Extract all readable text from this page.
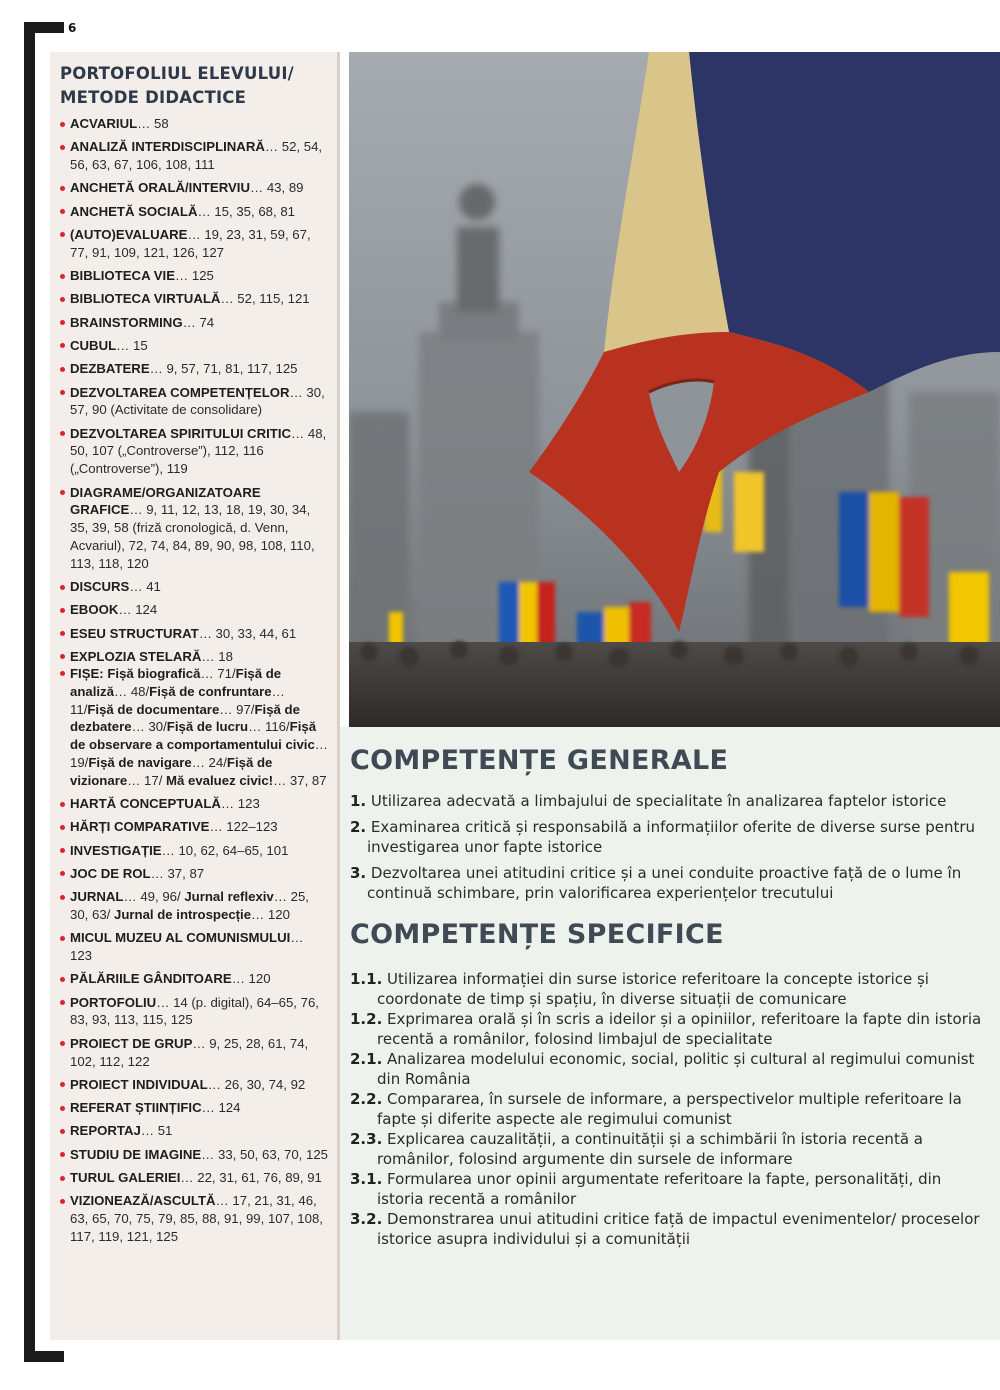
6
PORTOFOLIUL ELEVULUI/
METODE DIDACTICE
ACVARIUL… 58
ANALIZĂ INTERDISCIPLINARĂ… 52, 54, 56, 63, 67, 106, 108, 111
ANCHETĂ ORALĂ/INTERVIU… 43, 89
ANCHETĂ SOCIALĂ… 15, 35, 68, 81
(AUTO)EVALUARE… 19, 23, 31, 59, 67, 77, 91, 109, 121, 126, 127
BIBLIOTECA VIE… 125
BIBLIOTECA VIRTUALĂ… 52, 115, 121
BRAINSTORMING… 74
CUBUL… 15
DEZBATERE… 9, 57, 71, 81, 117, 125
DEZVOLTAREA COMPETENȚELOR… 30, 57, 90 (Activitate de consolidare)
DEZVOLTAREA SPIRITULUI CRITIC… 48, 50, 107 („Controverse”), 112, 116 („Controverse”), 119
DIAGRAME/ORGANIZATOARE GRAFICE… 9, 11, 12, 13, 18, 19, 30, 34, 35, 39, 58 (friză cronologică, d. Venn, Acvariul), 72, 74, 84, 89, 90, 98, 108, 110, 113, 118, 120
DISCURS… 41
EBOOK… 124
ESEU STRUCTURAT… 30, 33, 44, 61
EXPLOZIA STELARĂ… 18
FIȘE: Fișă biografică… 71/Fișă de analiză… 48/Fișă de confruntare… 11/Fișă de documentare… 97/Fișă de dezbatere… 30/Fișă de lucru… 116/Fișă de observare a comportamentului civic… 19/Fișă de navigare… 24/Fișă de vizionare… 17/ Mă evaluez civic!… 37, 87
HARTĂ CONCEPTUALĂ… 123
HĂRȚI COMPARATIVE… 122–123
INVESTIGAȚIE… 10, 62, 64–65, 101
JOC DE ROL… 37, 87
JURNAL… 49, 96/ Jurnal reflexiv… 25, 30, 63/ Jurnal de introspecție… 120
MICUL MUZEU AL COMUNISMULUI… 123
PĂLĂRIILE GÂNDITOARE… 120
PORTOFOLIU… 14 (p. digital), 64–65, 76, 83, 93, 113, 115, 125
PROIECT DE GRUP… 9, 25, 28, 61, 74, 102, 112, 122
PROIECT INDIVIDUAL… 26, 30, 74, 92
REFERAT ȘTIINȚIFIC… 124
REPORTAJ… 51
STUDIU DE IMAGINE… 33, 50, 63, 70, 125
TURUL GALERIEI… 22, 31, 61, 76, 89, 91
VIZIONEAZĂ/ASCULTĂ… 17, 21, 31, 46, 63, 65, 70, 75, 79, 85, 88, 91, 99, 107, 108, 117, 119, 121, 125
COMPETENȚE GENERALE
1. Utilizarea adecvată a limbajului de specialitate în analizarea faptelor istorice
2. Examinarea critică și responsabilă a informațiilor oferite de diverse surse pentru investigarea unor fapte istorice
3. Dezvoltarea unei atitudini critice și a unei conduite proactive față de o lume în continuă schimbare, prin valorificarea experiențelor trecutului
COMPETENȚE SPECIFICE
1.1. Utilizarea informației din surse istorice referitoare la concepte istorice și coordonate de timp și spațiu, în diverse situații de comunicare
1.2. Exprimarea orală și în scris a ideilor și a opiniilor, referitoare la fapte din istoria recentă a românilor, folosind limbajul de specialitate
2.1. Analizarea modelului economic, social, politic și cultural al regimului comunist din România
2.2. Compararea, în sursele de informare, a perspectivelor multiple referitoare la fapte și diferite aspecte ale regimului comunist
2.3. Explicarea cauzalității, a continuității și a schimbării în istoria recentă a românilor, folosind argumente din sursele de informare
3.1. Formularea unor opinii argumentate referitoare la fapte, personalități, din istoria recentă a românilor
3.2. Demonstrarea unui atitudini critice față de impactul evenimentelor/ proceselor istorice asupra individului și a comunității
